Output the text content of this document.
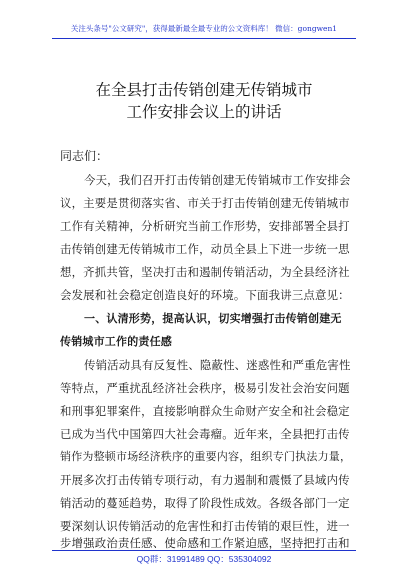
关注头条号"公文研究"，获得最新最全最专业的公文资料库！ 微信：gongwen1
在全县打击传销创建无传销城市
工作安排会议上的讲话
同志们：
今天，我们召开打击传销创建无传销城市工作安排会
议，主要是贯彻落实省、市关于打击传销创建无传销城市
工作有关精神，分析研究当前工作形势，安排部署全县打
击传销创建无传销城市工作，动员全县上下进一步统一思
想，齐抓共管，坚决打击和遏制传销活动，为全县经济社
会发展和社会稳定创造良好的环境。下面我讲三点意见：
一、认清形势，提高认识，切实增强打击传销创建无
传销城市工作的责任感
传销活动具有反复性、隐蔽性、迷惑性和严重危害性
等特点，严重扰乱经济社会秩序，极易引发社会治安问题
和刑事犯罪案件，直接影响群众生命财产安全和社会稳定
已成为当代中国第四大社会毒瘤。近年来，全县把打击传
销作为整顿市场经济秩序的重要内容，组织专门执法力量，
开展多次打击传销专项行动，有力遏制和震慑了县域内传
销活动的蔓延趋势，取得了阶段性成效。各级各部门一定
要深刻认识传销活动的危害性和打击传销的艰巨性，进一
步增强政治责任感、使命感和工作紧迫感，坚持把打击和
QQ群：31991489 QQ：535304092
